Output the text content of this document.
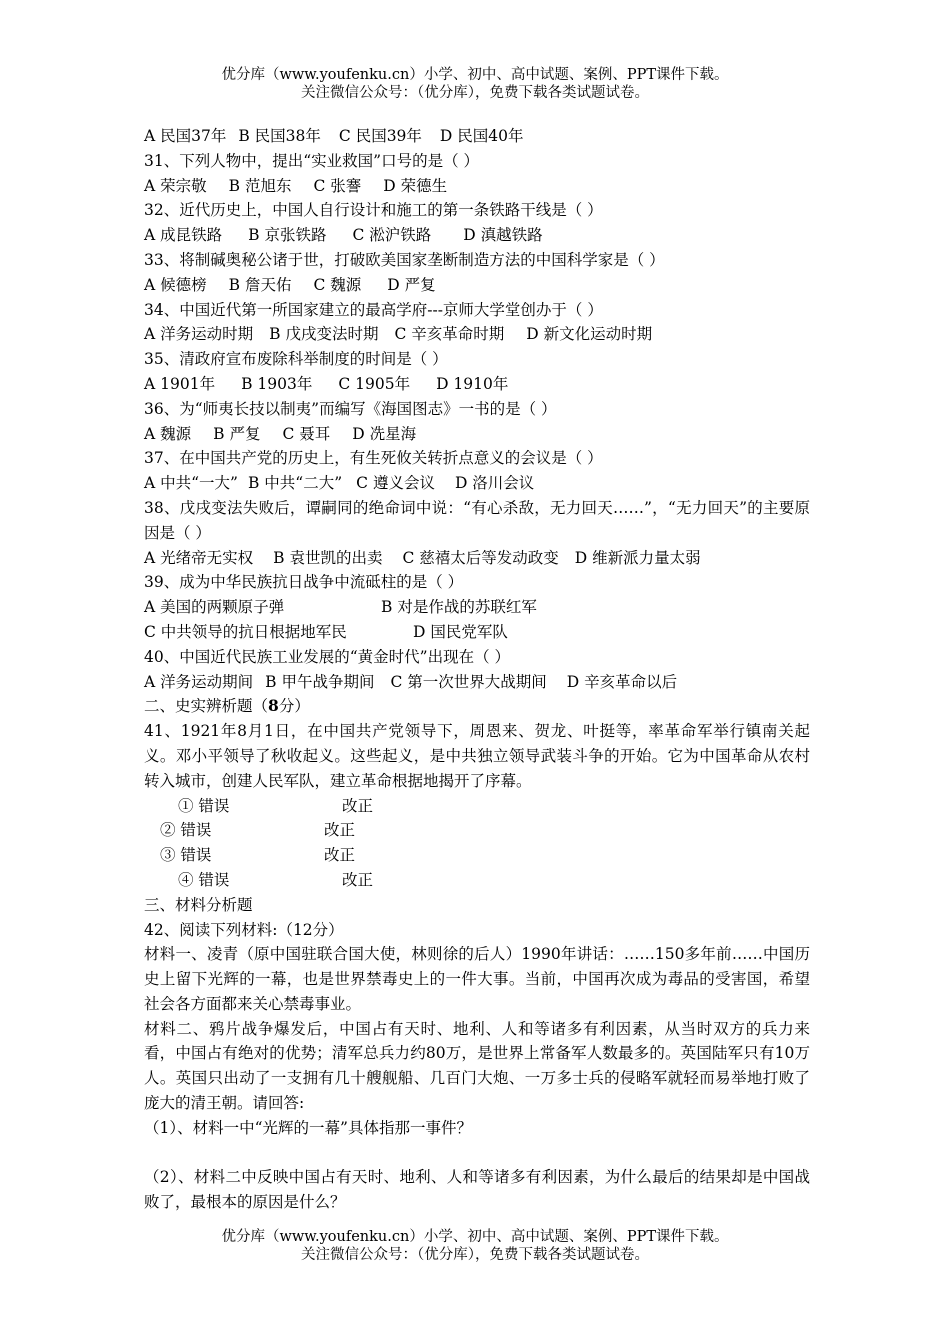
优分库（www.youfenku.cn）小学、初中、高中试题、案例、PPT课件下载。
关注微信公众号：（优分库），免费下载各类试题试卷。
A 民国37年 B 民国38年 C 民国39年 D 民国40年
31、下列人物中，提出“实业救国”口号的是（ ）
A 荣宗敬 B 范旭东 C 张謇 D 荣德生
32、近代历史上，中国人自行设计和施工的第一条铁路干线是（ ）
A 成昆铁路 B 京张铁路 C 淞沪铁路 D 滇越铁路
33、将制碱奥秘公诸于世，打破欧美国家垄断制造方法的中国科学家是（ ）
A 候德榜 B 詹天佑 C 魏源 D 严复
34、中国近代第一所国家建立的最高学府---京师大学堂创办于（ ）
A 洋务运动时期 B 戊戌变法时期 C 辛亥革命时期 D 新文化运动时期
35、清政府宣布废除科举制度的时间是（ ）
A 1901年 B 1903年 C 1905年 D 1910年
36、为“师夷长技以制夷”而编写《海国图志》一书的是（ ）
A 魏源 B 严复 C 聂耳 D 冼星海
37、在中国共产党的历史上，有生死攸关转折点意义的会议是（ ）
A 中共“一大” B 中共“二大” C 遵义会议 D 洛川会议
38、戊戌变法失败后，谭嗣同的绝命词中说：“有心杀敌，无力回天……”，“无力回天”的主要原因是（ ）
A 光绪帝无实权 B 袁世凯的出卖 C 慈禧太后等发动政变 D 维新派力量太弱
39、成为中华民族抗日战争中流砥柱的是（ ）
A 美国的两颗原子弹	B 对是作战的苏联红军
C 中共领导的抗日根据地军民	D 国民党军队
40、中国近代民族工业发展的“黄金时代”出现在（ ）
A 洋务运动期间 B 甲午战争期间 C 第一次世界大战期间 D 辛亥革命以后
二、史实辨析题（8分）
41、1921年8月1日，在中国共产党领导下，周恩来、贺龙、叶挺等，率革命军举行镇南关起义。邓小平领导了秋收起义。这些起义，是中共独立领导武装斗争的开始。它为中国革命从农村转入城市，创建人民军队，建立革命根据地揭开了序幕。
① 错误	改正
② 错误	改正
③ 错误	改正
④ 错误	改正
三、材料分析题
42、阅读下列材料:（12分）
材料一、凌青（原中国驻联合国大使，林则徐的后人）1990年讲话：……150多年前……中国历史上留下光辉的一幕，也是世界禁毒史上的一件大事。当前，中国再次成为毒品的受害国，希望社会各方面都来关心禁毒事业。
材料二、鸦片战争爆发后，中国占有天时、地利、人和等诸多有利因素，从当时双方的兵力来看，中国占有绝对的优势；清军总兵力约80万，是世界上常备军人数最多的。英国陆军只有10万人。英国只出动了一支拥有几十艘舰船、几百门大炮、一万多士兵的侵略军就轻而易举地打败了庞大的清王朝。请回答:
（1）、材料一中“光辉的一幕”具体指那一事件？
（2）、材料二中反映中国占有天时、地利、人和等诸多有利因素，为什么最后的结果却是中国战败了，最根本的原因是什么？
优分库（www.youfenku.cn）小学、初中、高中试题、案例、PPT课件下载。
关注微信公众号：（优分库），免费下载各类试题试卷。
